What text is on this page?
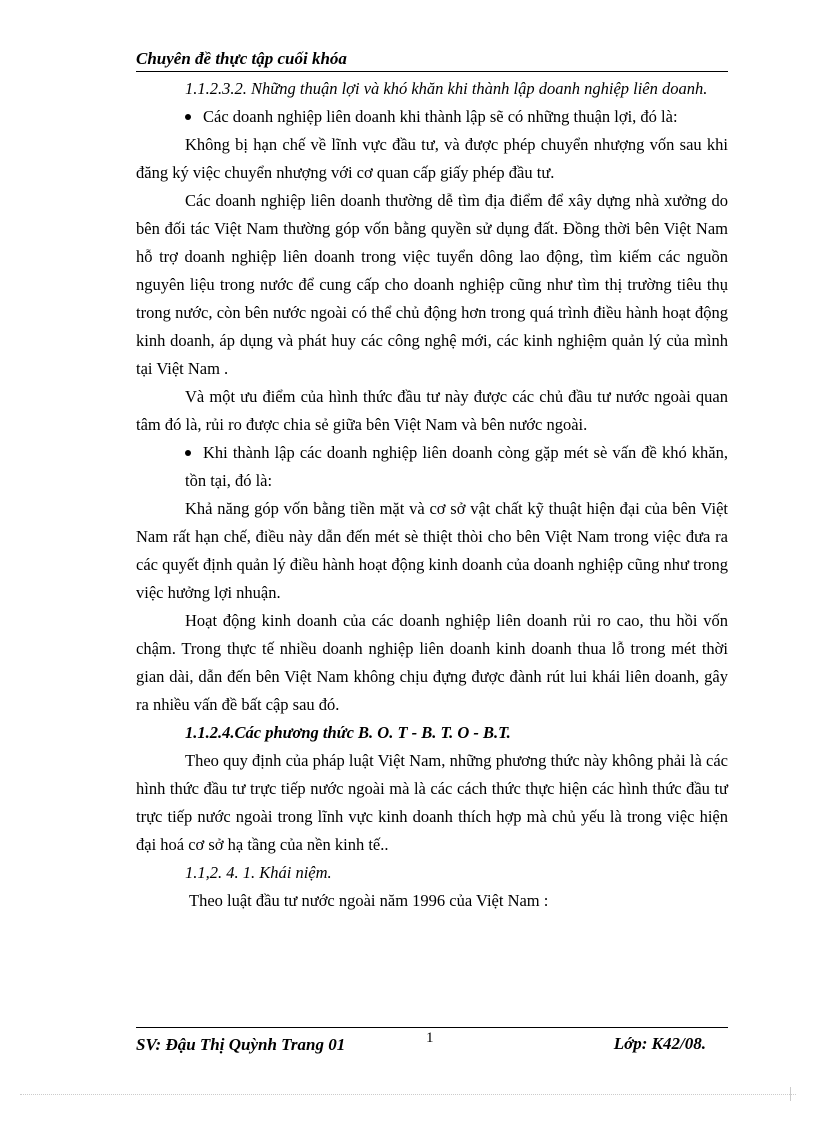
Chuyên đề thực tập cuối khóa

1.1.2.3.2. Những thuận lợi và khó khăn khi thành lập doanh nghiệp liên doanh.

Các doanh nghiệp liên doanh khi thành lập sẽ có những thuận lợi, đó là:

Không bị hạn chế về lĩnh vực đầu tư, và được phép chuyển nhượng vốn sau khi đăng ký việc chuyển nhượng với cơ quan cấp giấy phép đầu tư.

Các doanh nghiệp liên doanh thường dễ tìm địa điểm để xây dựng nhà xưởng do bên đối tác Việt Nam thường góp vốn bằng quyền sử dụng đất. Đồng thời bên Việt Nam hỗ trợ doanh nghiệp liên doanh trong việc tuyển dông lao động, tìm kiếm các nguồn nguyên liệu trong nước để cung cấp cho doanh nghiệp cũng như tìm thị trường tiêu thụ trong nước, còn bên nước ngoài có thể chủ động hơn trong quá trình điều hành hoạt động kinh doanh, áp dụng và phát huy các công nghệ mới, các kinh nghiệm quản lý của mình tại Việt Nam .

Và một ưu điểm của hình thức đầu tư này được các chủ đầu tư nước ngoài quan tâm đó là, rủi ro được chia sẻ giữa bên Việt Nam và bên nước ngoài.

Khi thành lập các doanh nghiệp liên doanh còng gặp mét sè vấn đề khó khăn, tồn tại, đó là:

Khả năng góp vốn bằng tiền mặt và cơ sở vật chất kỹ thuật hiện đại của bên Việt Nam rất hạn chế, điều này dẫn đến mét sè thiệt thòi cho bên Việt Nam trong việc đưa ra các quyết định quản lý điều hành hoạt động kinh doanh của doanh nghiệp cũng như trong việc hưởng lợi nhuận.

Hoạt động kinh doanh của các doanh nghiệp liên doanh rủi ro cao, thu hồi vốn chậm. Trong thực tế nhiều doanh nghiệp liên doanh kinh doanh thua lỗ trong mét thời gian dài, dẫn đến bên Việt Nam không chịu đựng được đành rút lui khái liên doanh, gây ra nhiều vấn đề bất cập sau đó.

1.1.2.4.Các phương thức B. O. T - B. T. O - B.T.

Theo quy định của pháp luật Việt Nam, những phương thức này không phải là các hình thức đầu tư trực tiếp nước ngoài mà là các cách thức thực hiện các hình thức đầu tư trực tiếp nước ngoài trong lĩnh vực kinh doanh thích hợp mà chủ yếu là trong việc hiện đại hoá cơ sở hạ tầng của nền kinh tế..

1.1,2. 4. 1. Khái niệm.

Theo luật đầu tư nước ngoài năm 1996 của Việt Nam :

SV: Đậu Thị Quỳnh Trang 01	1	Lớp: K42/08.
